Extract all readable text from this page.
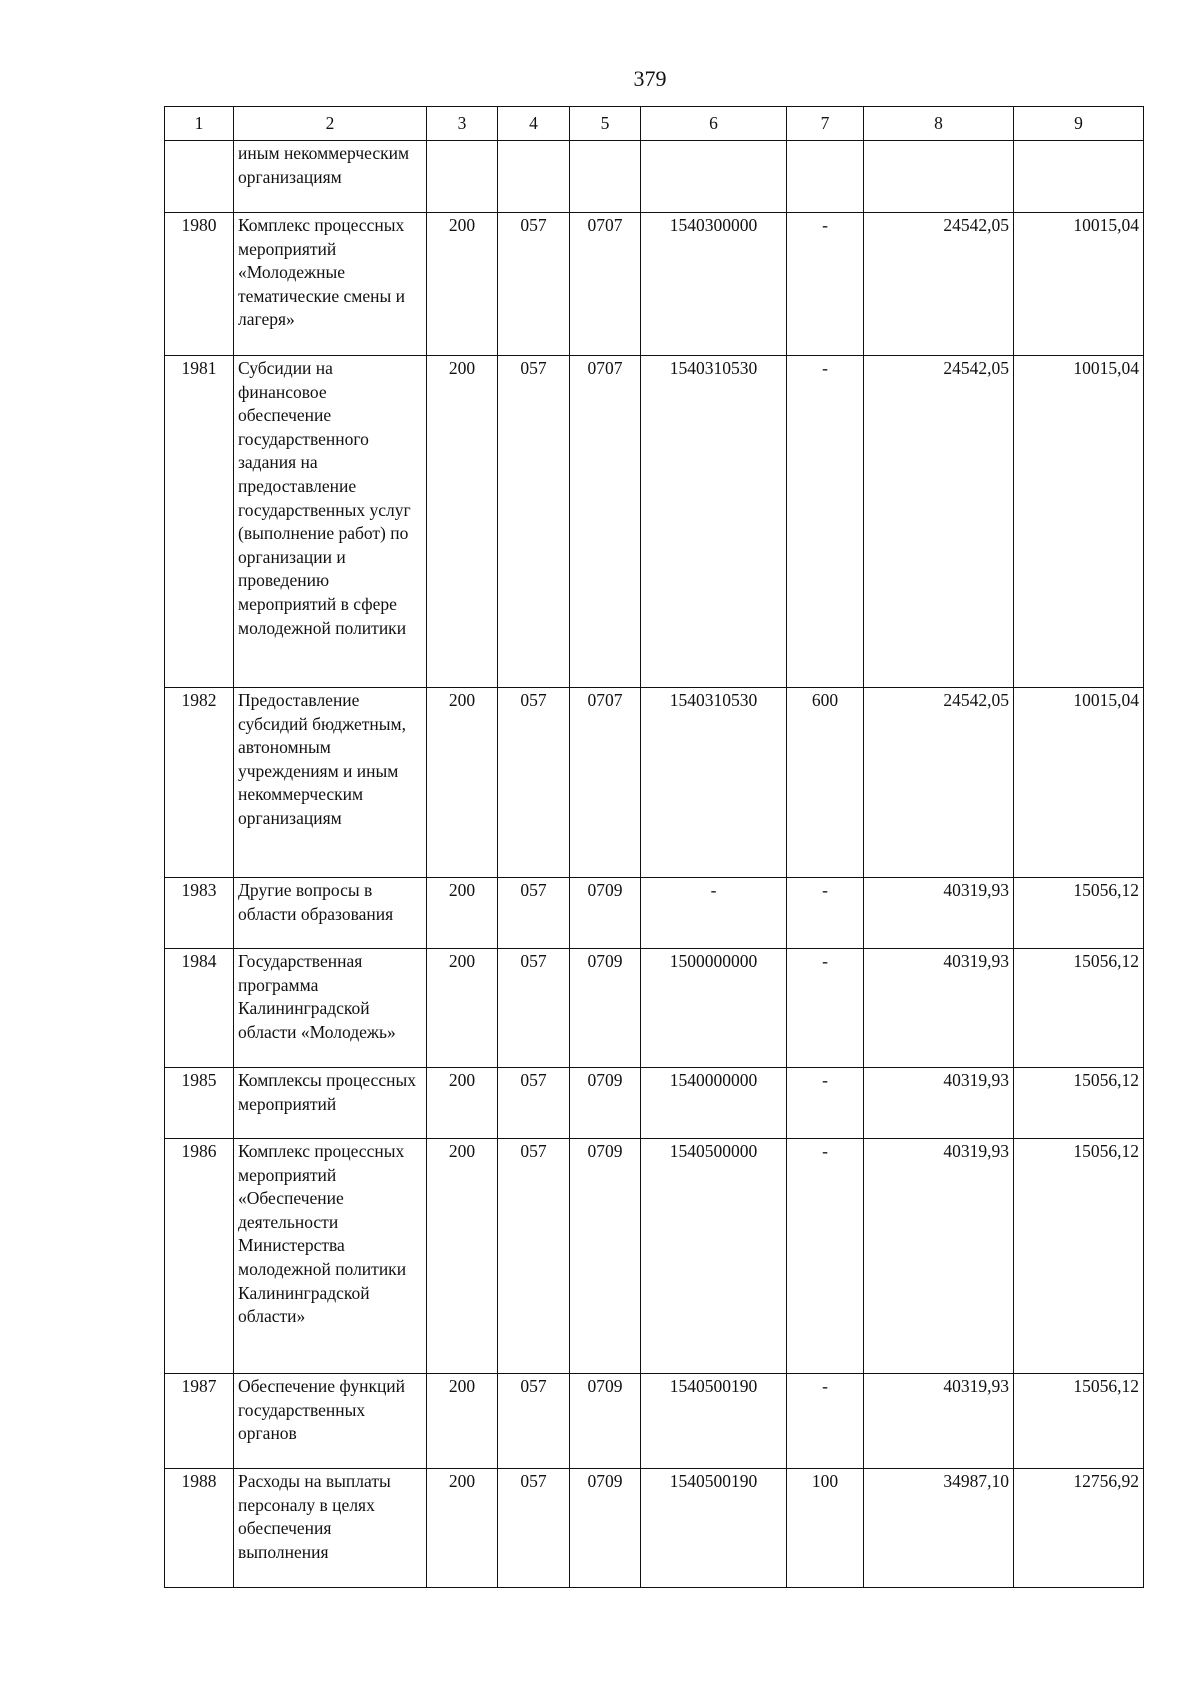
379
1	2	3	4	5	6	7	8	9
	иным некоммерческим организациям							
1980	Комплекс процессных мероприятий «Молодежные тематические смены и лагеря»	200	057	0707	1540300000	-	24542,05	10015,04
1981	Субсидии на финансовое обеспечение государственного задания на предоставление государственных услуг (выполнение работ) по организации и проведению мероприятий в сфере молодежной политики	200	057	0707	1540310530	-	24542,05	10015,04
1982	Предоставление субсидий бюджетным, автономным учреждениям и иным некоммерческим организациям	200	057	0707	1540310530	600	24542,05	10015,04
1983	Другие вопросы в области образования	200	057	0709	-	-	40319,93	15056,12
1984	Государственная программа Калининградской области «Молодежь»	200	057	0709	1500000000	-	40319,93	15056,12
1985	Комплексы процессных мероприятий	200	057	0709	1540000000	-	40319,93	15056,12
1986	Комплекс процессных мероприятий «Обеспечение деятельности Министерства молодежной политики Калининградской области»	200	057	0709	1540500000	-	40319,93	15056,12
1987	Обеспечение функций государственных органов	200	057	0709	1540500190	-	40319,93	15056,12
1988	Расходы на выплаты персоналу в целях обеспечения выполнения	200	057	0709	1540500190	100	34987,10	12756,92
